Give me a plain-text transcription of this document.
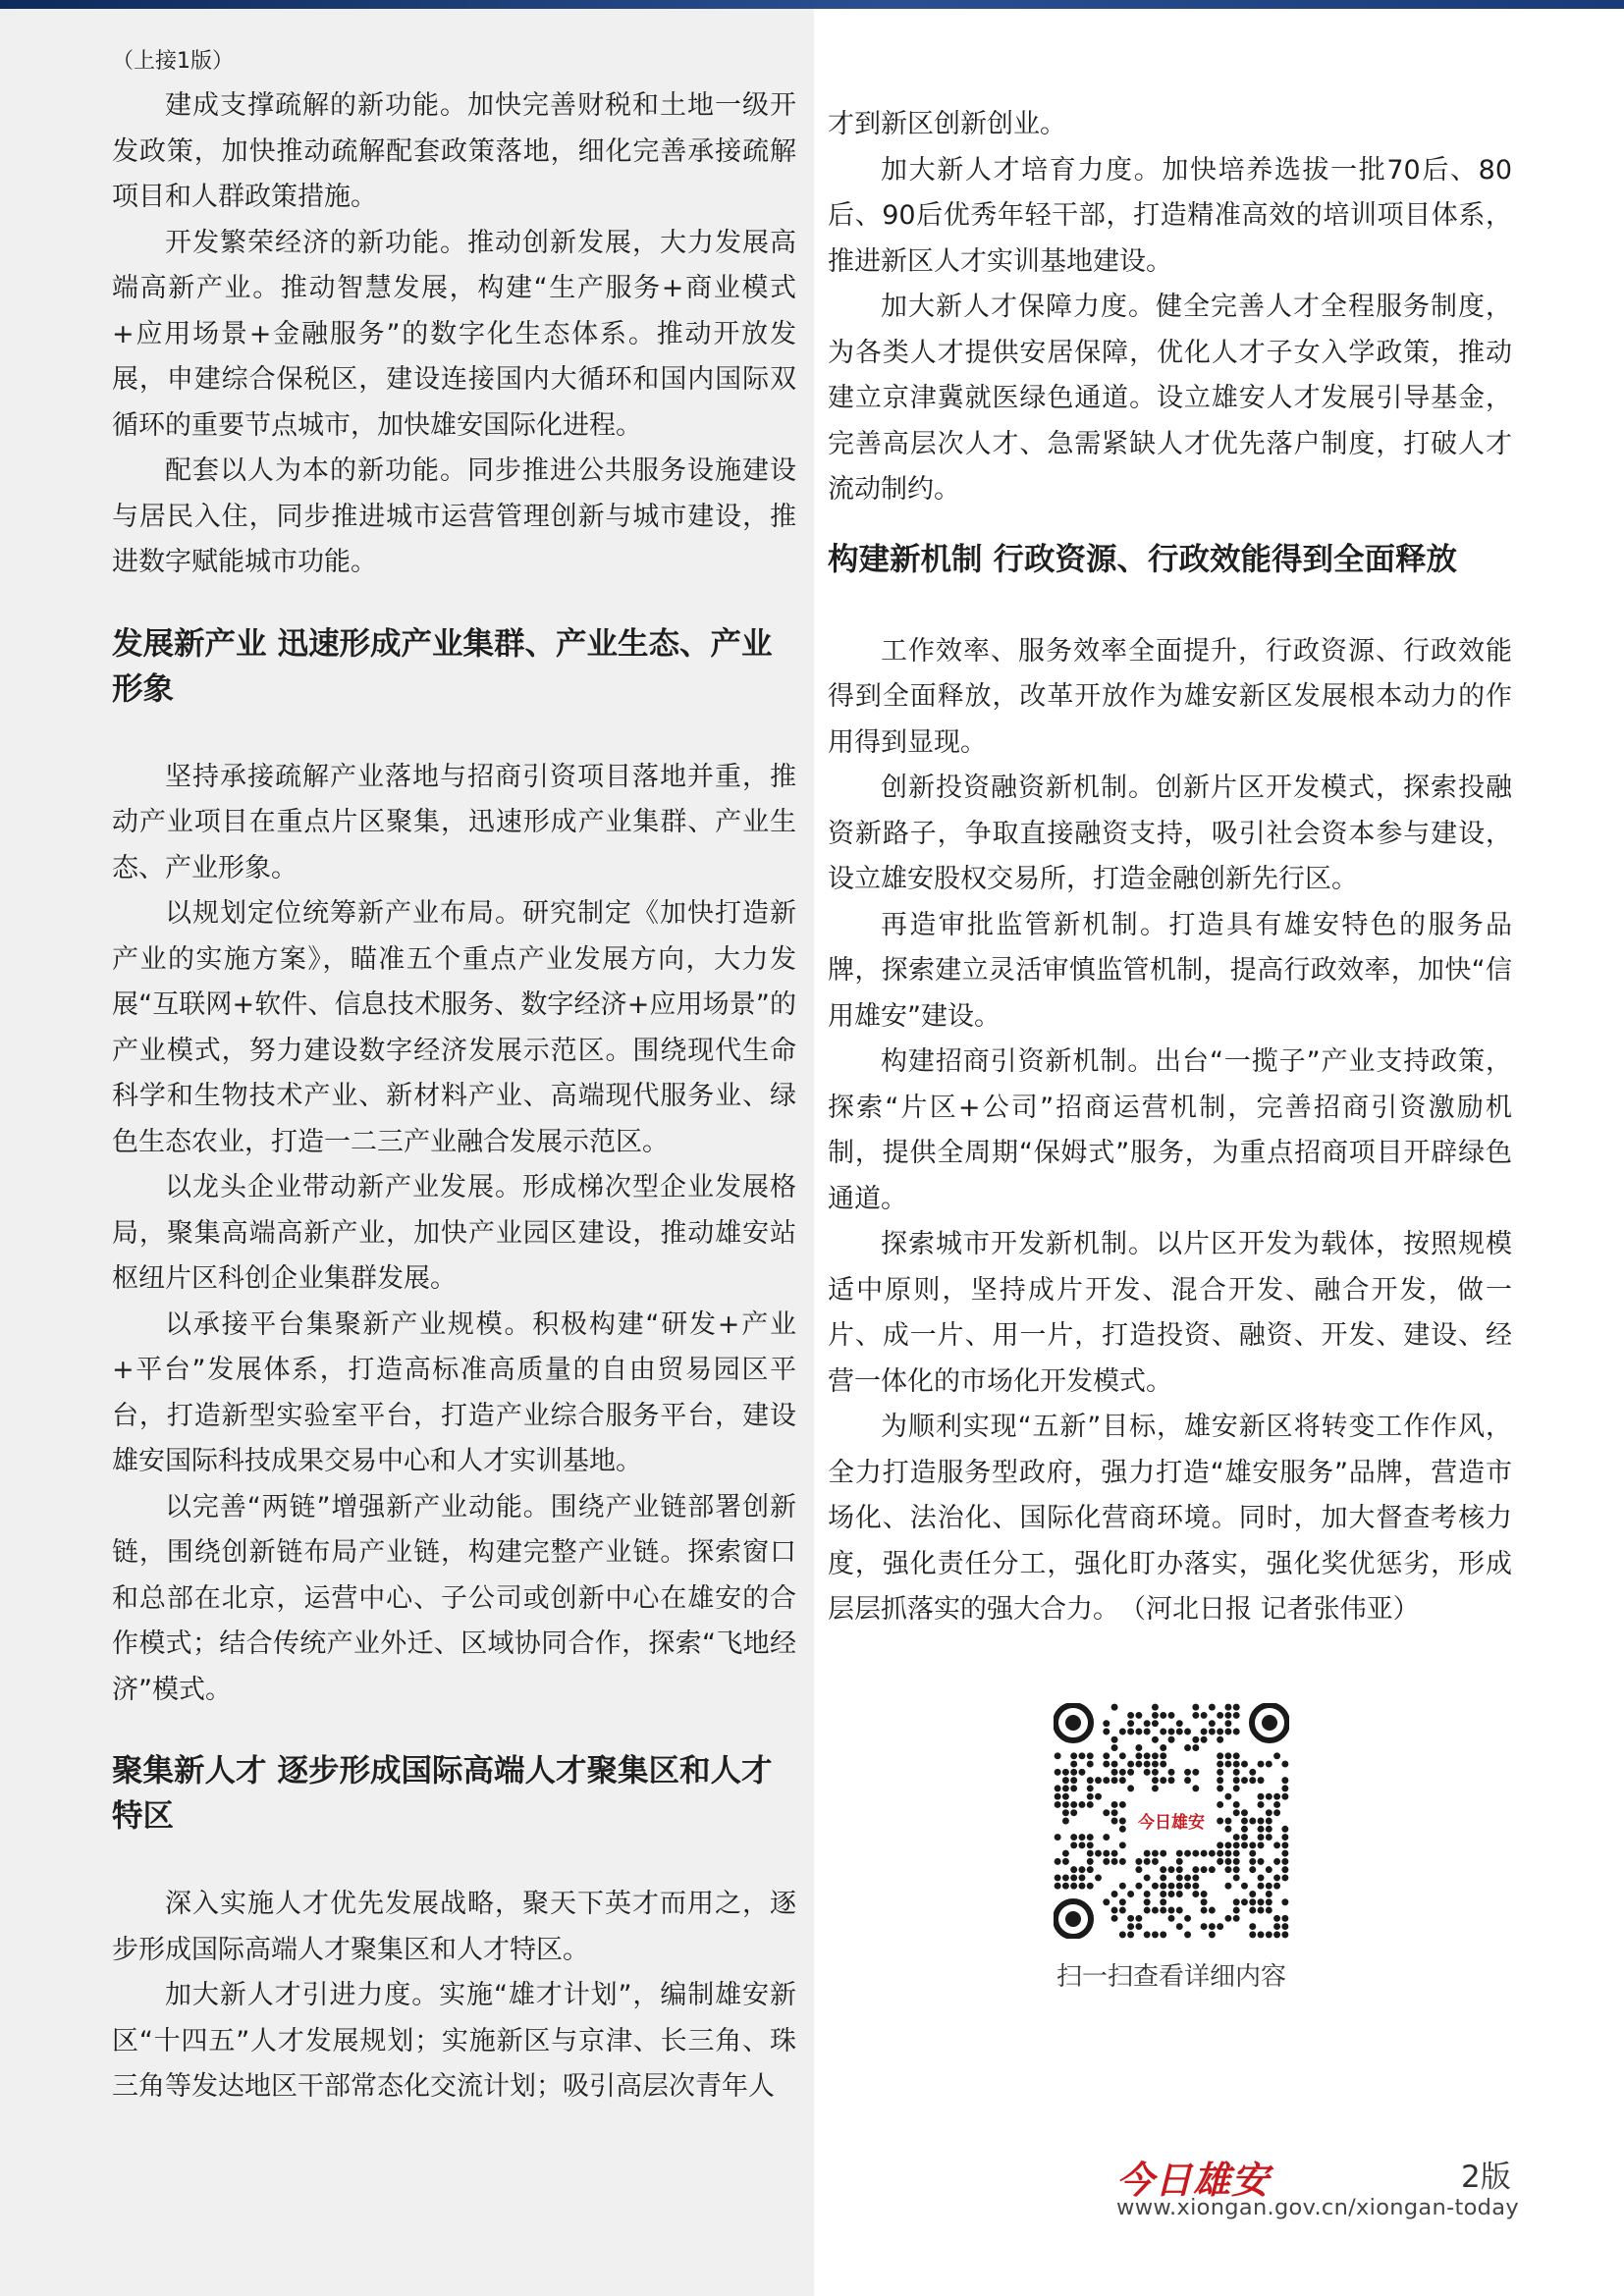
（上接1版）

建成支撑疏解的新功能。加快完善财税和土地一级开发政策，加快推动疏解配套政策落地，细化完善承接疏解项目和人群政策措施。

开发繁荣经济的新功能。推动创新发展，大力发展高端高新产业。推动智慧发展，构建“生产服务+商业模式+应用场景+金融服务”的数字化生态体系。推动开放发展，申建综合保税区，建设连接国内大循环和国内国际双循环的重要节点城市，加快雄安国际化进程。

配套以人为本的新功能。同步推进公共服务设施建设与居民入住，同步推进城市运营管理创新与城市建设，推进数字赋能城市功能。

发展新产业 迅速形成产业集群、产业生态、产业形象

坚持承接疏解产业落地与招商引资项目落地并重，推动产业项目在重点片区聚集，迅速形成产业集群、产业生态、产业形象。

以规划定位统筹新产业布局。研究制定《加快打造新产业的实施方案》，瞄准五个重点产业发展方向，大力发展“互联网+软件、信息技术服务、数字经济+应用场景”的产业模式，努力建设数字经济发展示范区。围绕现代生命科学和生物技术产业、新材料产业、高端现代服务业、绿色生态农业，打造一二三产业融合发展示范区。

以龙头企业带动新产业发展。形成梯次型企业发展格局，聚集高端高新产业，加快产业园区建设，推动雄安站枢纽片区科创企业集群发展。

以承接平台集聚新产业规模。积极构建“研发+产业+平台”发展体系，打造高标准高质量的自由贸易园区平台，打造新型实验室平台，打造产业综合服务平台，建设雄安国际科技成果交易中心和人才实训基地。

以完善“两链”增强新产业动能。围绕产业链部署创新链，围绕创新链布局产业链，构建完整产业链。探索窗口和总部在北京，运营中心、子公司或创新中心在雄安的合作模式；结合传统产业外迁、区域协同合作，探索“飞地经济”模式。

聚集新人才 逐步形成国际高端人才聚集区和人才特区

深入实施人才优先发展战略，聚天下英才而用之，逐步形成国际高端人才聚集区和人才特区。

加大新人才引进力度。实施“雄才计划”，编制雄安新区“十四五”人才发展规划；实施新区与京津、长三角、珠三角等发达地区干部常态化交流计划；吸引高层次青年人

才到新区创新创业。

加大新人才培育力度。加快培养选拔一批70后、80后、90后优秀年轻干部，打造精准高效的培训项目体系，推进新区人才实训基地建设。

加大新人才保障力度。健全完善人才全程服务制度，为各类人才提供安居保障，优化人才子女入学政策，推动建立京津冀就医绿色通道。设立雄安人才发展引导基金，完善高层次人才、急需紧缺人才优先落户制度，打破人才流动制约。

构建新机制 行政资源、行政效能得到全面释放

工作效率、服务效率全面提升，行政资源、行政效能得到全面释放，改革开放作为雄安新区发展根本动力的作用得到显现。

创新投资融资新机制。创新片区开发模式，探索投融资新路子，争取直接融资支持，吸引社会资本参与建设，设立雄安股权交易所，打造金融创新先行区。

再造审批监管新机制。打造具有雄安特色的服务品牌，探索建立灵活审慎监管机制，提高行政效率，加快“信用雄安”建设。

构建招商引资新机制。出台“一揽子”产业支持政策，探索“片区+公司”招商运营机制，完善招商引资激励机制，提供全周期“保姆式”服务，为重点招商项目开辟绿色通道。

探索城市开发新机制。以片区开发为载体，按照规模适中原则，坚持成片开发、混合开发、融合开发，做一片、成一片、用一片，打造投资、融资、开发、建设、经营一体化的市场化开发模式。

为顺利实现“五新”目标，雄安新区将转变工作作风，全力打造服务型政府，强力打造“雄安服务”品牌，营造市场化、法治化、国际化营商环境。同时，加大督查考核力度，强化责任分工，强化盯办落实，强化奖优惩劣，形成层层抓落实的强大合力。　 （河北日报 记者张伟亚）

今日雄安
扫一扫查看详细内容
今日雄安	2版
www.xiongan.gov.cn/xiongan-today
